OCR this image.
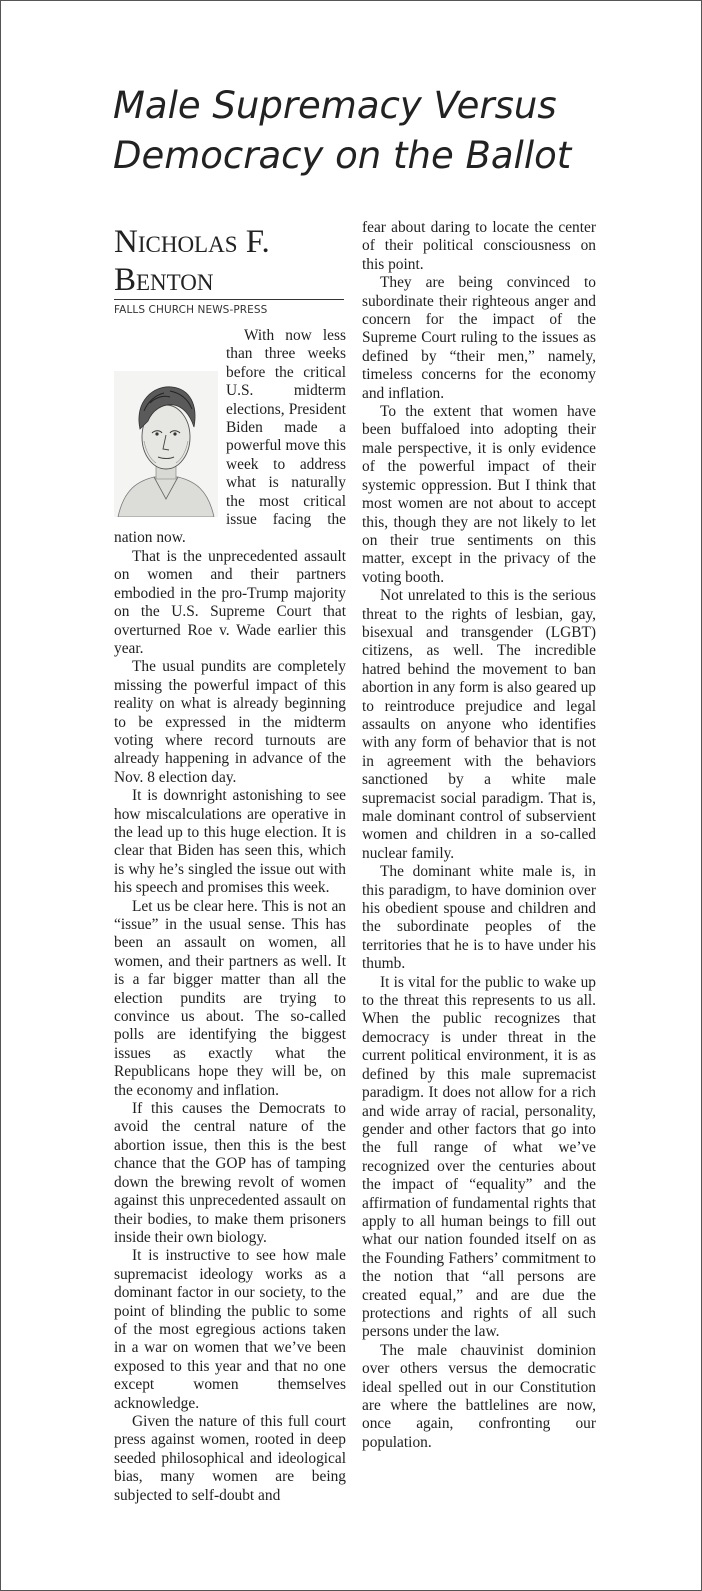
Male Supremacy Versus
Democracy on the Ballot
Nicholas F.
Benton
FALLS CHURCH NEWS-PRESS

With now less than three weeks before the critical U.S. midterm elections, President Biden made a powerful move this week to address what is naturally the most critical issue facing the nation now.

That is the unprecedented assault on women and their partners embodied in the pro-Trump majority on the U.S. Supreme Court that overturned Roe v. Wade earlier this year.

The usual pundits are completely missing the powerful impact of this reality on what is already beginning to be expressed in the midterm voting where record turnouts are already happening in advance of the Nov. 8 election day.

It is downright astonishing to see how miscalculations are operative in the lead up to this huge election. It is clear that Biden has seen this, which is why he’s singled the issue out with his speech and promises this week.

Let us be clear here. This is not an “issue” in the usual sense. This has been an assault on women, all women, and their partners as well. It is a far bigger matter than all the election pundits are trying to convince us about. The so-called polls are identifying the biggest issues as exactly what the Republicans hope they will be, on the economy and inflation.

If this causes the Democrats to avoid the central nature of the abortion issue, then this is the best chance that the GOP has of tamping down the brewing revolt of women against this unprecedented assault on their bodies, to make them prisoners inside their own biology.

It is instructive to see how male supremacist ideology works as a dominant factor in our society, to the point of blinding the public to some of the most egregious actions taken in a war on women that we’ve been exposed to this year and that no one except women themselves acknowledge.

Given the nature of this full court press against women, rooted in deep seeded philosophical and ideological bias, many women are being subjected to self-doubt and

fear about daring to locate the center of their political consciousness on this point.

They are being convinced to subordinate their righteous anger and concern for the impact of the Supreme Court ruling to the issues as defined by “their men,” namely, timeless concerns for the economy and inflation.

To the extent that women have been buffaloed into adopting their male perspective, it is only evidence of the powerful impact of their systemic oppression. But I think that most women are not about to accept this, though they are not likely to let on their true sentiments on this matter, except in the privacy of the voting booth.

Not unrelated to this is the serious threat to the rights of lesbian, gay, bisexual and transgender (LGBT) citizens, as well. The incredible hatred behind the movement to ban abortion in any form is also geared up to reintroduce prejudice and legal assaults on anyone who identifies with any form of behavior that is not in agreement with the behaviors sanctioned by a white male supremacist social paradigm. That is, male dominant control of subservient women and children in a so-called nuclear family.

The dominant white male is, in this paradigm, to have dominion over his obedient spouse and children and the subordinate peoples of the territories that he is to have under his thumb.

It is vital for the public to wake up to the threat this represents to us all. When the public recognizes that democracy is under threat in the current political environment, it is as defined by this male supremacist paradigm. It does not allow for a rich and wide array of racial, personality, gender and other factors that go into the full range of what we’ve recognized over the centuries about the impact of “equality” and the affirmation of fundamental rights that apply to all human beings to fill out what our nation founded itself on as the Founding Fathers’ commitment to the notion that “all persons are created equal,” and are due the protections and rights of all such persons under the law.

The male chauvinist dominion over others versus the democratic ideal spelled out in our Constitution are where the battlelines are now, once again, confronting our population.
